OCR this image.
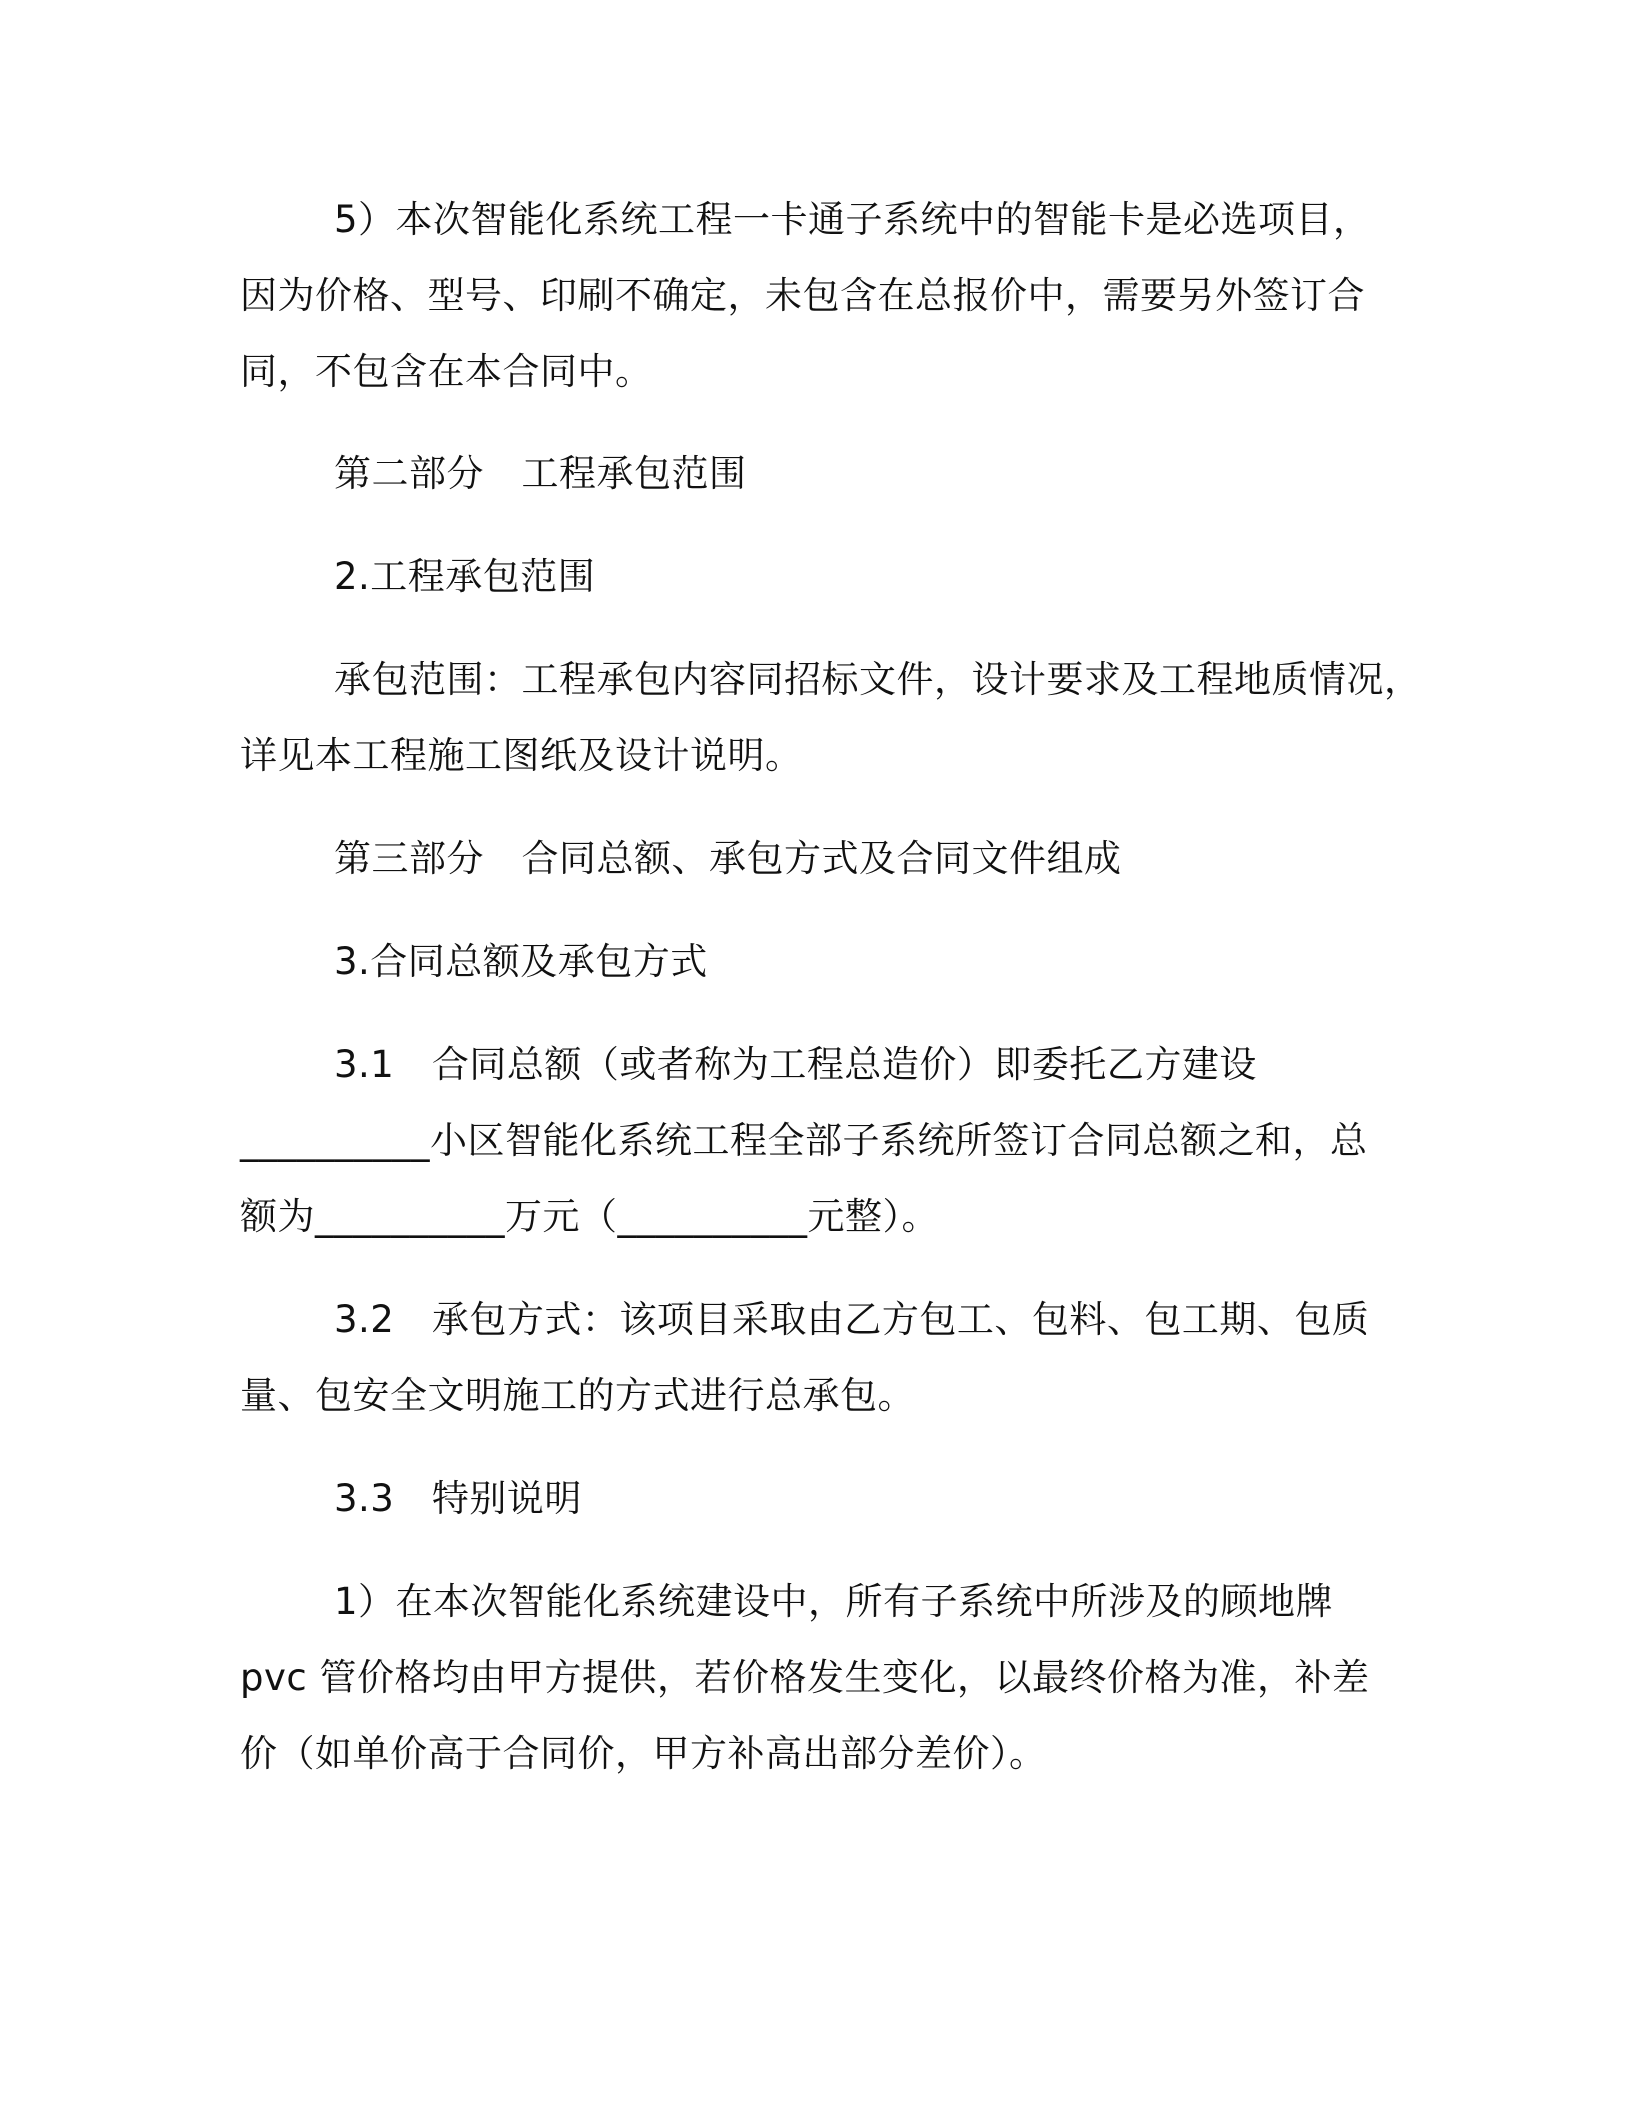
5）本次智能化系统工程一卡通子系统中的智能卡是必选项目，
因为价格、型号、印刷不确定，未包含在总报价中，需要另外签订合
同，不包含在本合同中。
第二部分　工程承包范围
2.工程承包范围
承包范围：工程承包内容同招标文件，设计要求及工程地质情况，
详见本工程施工图纸及设计说明。
第三部分　合同总额、承包方式及合同文件组成
3.合同总额及承包方式
3.1　合同总额（或者称为工程总造价）即委托乙方建设
__________小区智能化系统工程全部子系统所签订合同总额之和，总
额为__________万元（__________元整）。
3.2　承包方式：该项目采取由乙方包工、包料、包工期、包质
量、包安全文明施工的方式进行总承包。
3.3　特别说明
1）在本次智能化系统建设中，所有子系统中所涉及的顾地牌
pvc 管价格均由甲方提供，若价格发生变化，以最终价格为准，补差
价（如单价高于合同价，甲方补高出部分差价）。
